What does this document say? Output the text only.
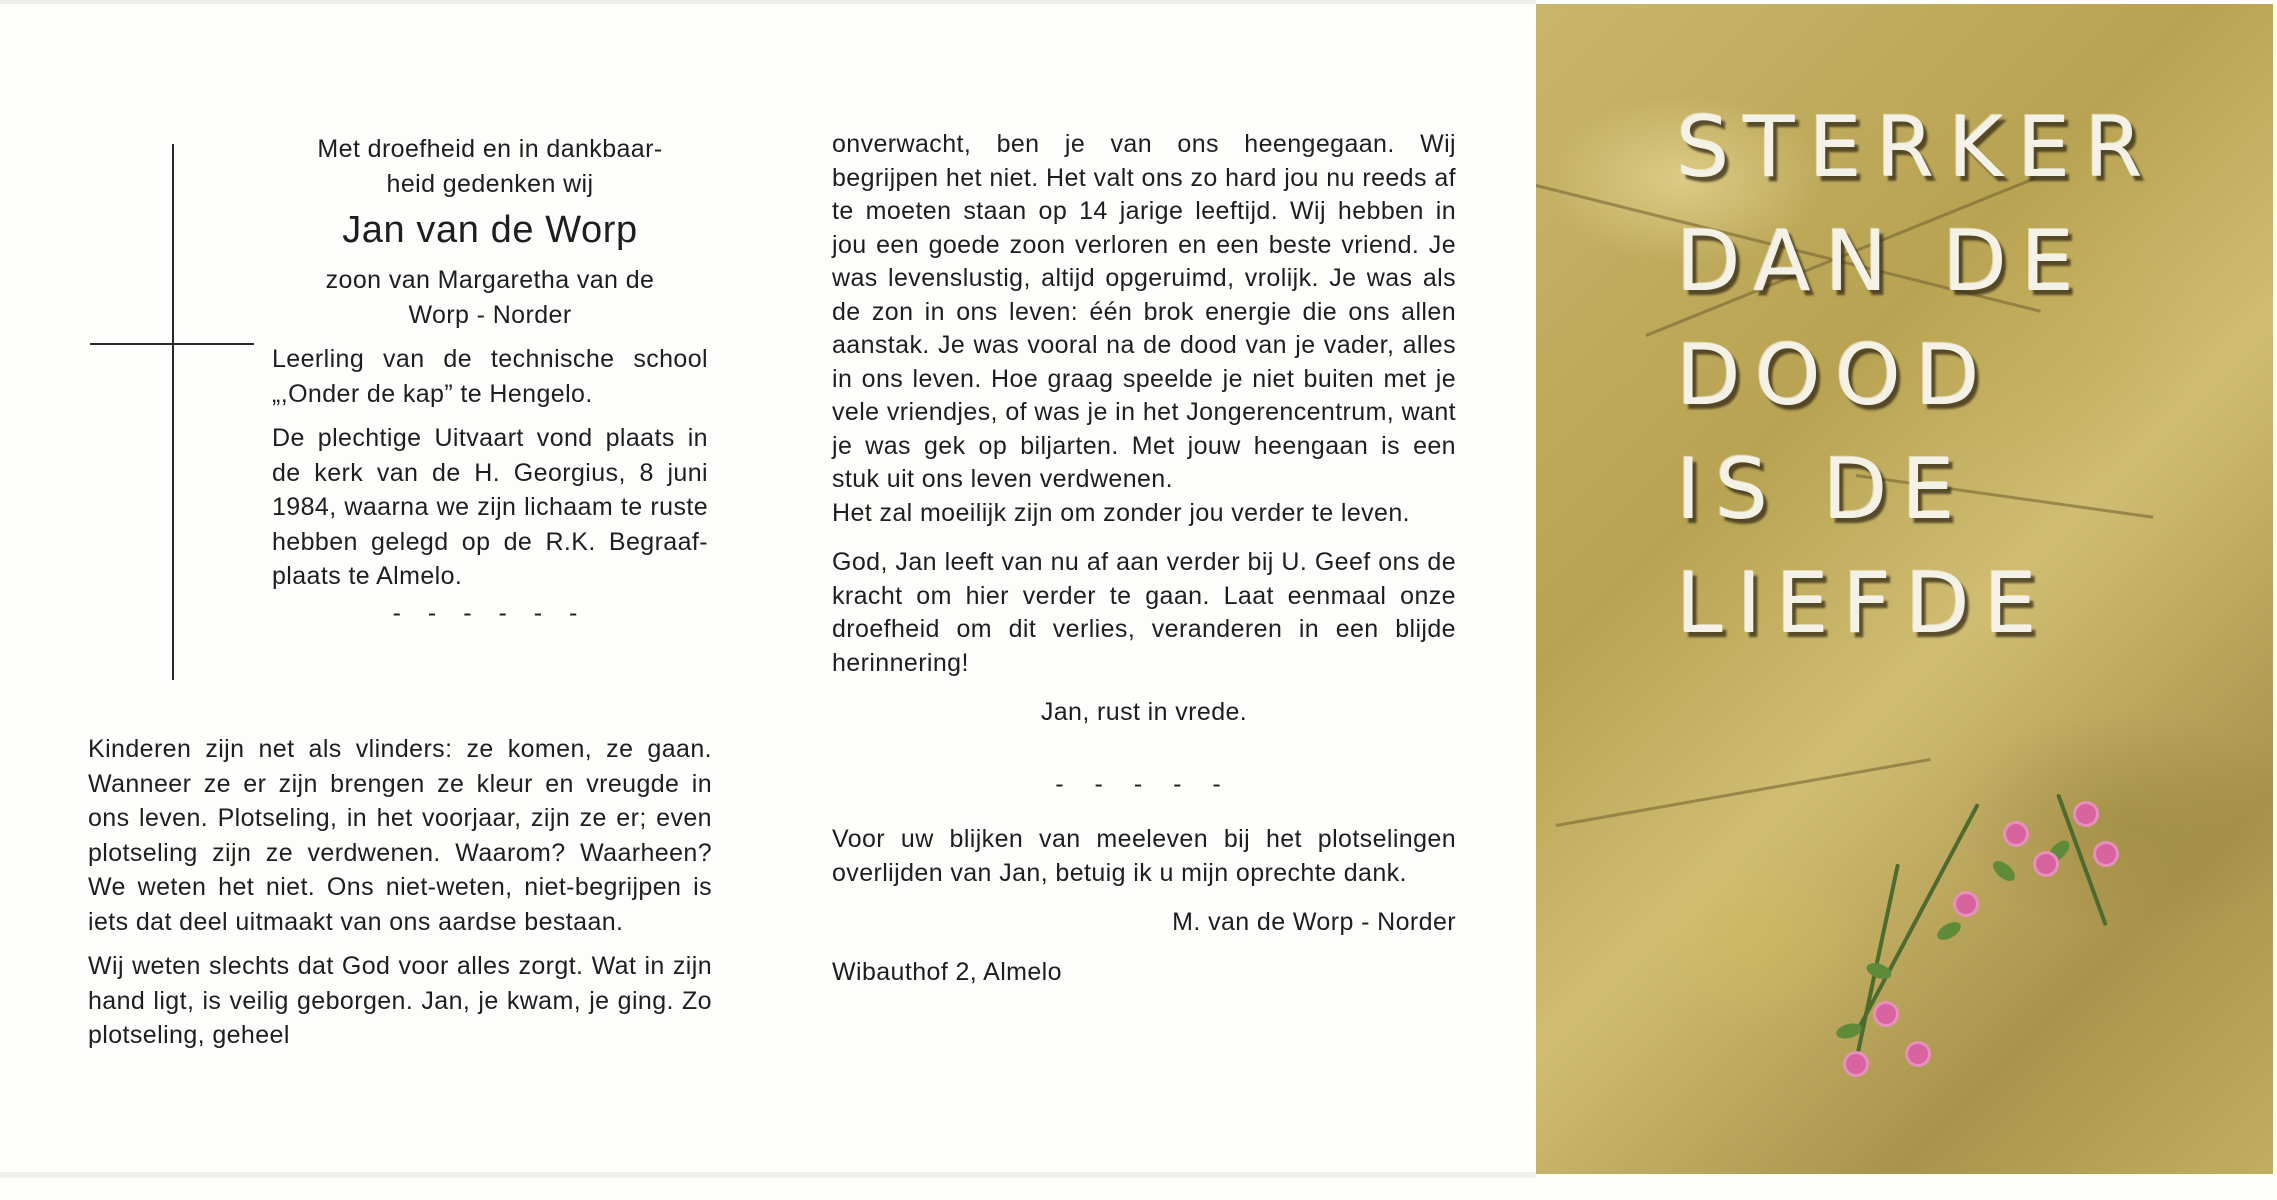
Met droefheid en in dankbaar-
heid gedenken wij
Jan van de Worp
zoon van Margaretha van de
Worp - Norder
Leerling van de technische school „,Onder de kap” te Hengelo.
De plechtige Uitvaart vond plaats in de kerk van de H. Georgius, 8 juni 1984, waarna we zijn lichaam te ruste hebben gelegd op de R.K. Begraaf-plaats te Almelo.
- - - - - -
Kinderen zijn net als vlinders: ze komen, ze gaan. Wanneer ze er zijn brengen ze kleur en vreugde in ons leven. Plotseling, in het voorjaar, zijn ze er; even plotseling zijn ze verdwenen. Waarom? Waarheen? We weten het niet. Ons niet-weten, niet-begrijpen is iets dat deel uitmaakt van ons aardse bestaan.
Wij weten slechts dat God voor alles zorgt. Wat in zijn hand ligt, is veilig geborgen. Jan, je kwam, je ging. Zo plotseling, geheel
onverwacht, ben je van ons heengegaan. Wij begrijpen het niet. Het valt ons zo hard jou nu reeds af te moeten staan op 14 jarige leeftijd. Wij hebben in jou een goede zoon verloren en een beste vriend. Je was levenslustig, altijd opgeruimd, vrolijk. Je was als de zon in ons leven: één brok energie die ons allen aanstak. Je was vooral na de dood van je vader, alles in ons leven. Hoe graag speelde je niet buiten met je vele vriendjes, of was je in het Jongerencentrum, want je was gek op biljarten. Met jouw heengaan is een stuk uit ons leven verdwenen.
Het zal moeilijk zijn om zonder jou verder te leven.
God, Jan leeft van nu af aan verder bij U. Geef ons de kracht om hier verder te gaan. Laat eenmaal onze droefheid om dit verlies, veranderen in een blijde herinnering!
Jan, rust in vrede.
- - - - -
Voor uw blijken van meeleven bij het plotselingen overlijden van Jan, betuig ik u mijn oprechte dank.
M. van de Worp - Norder
Wibauthof 2, Almelo
STERKER
DAN DE
DOOD
IS DE
LIEFDE
